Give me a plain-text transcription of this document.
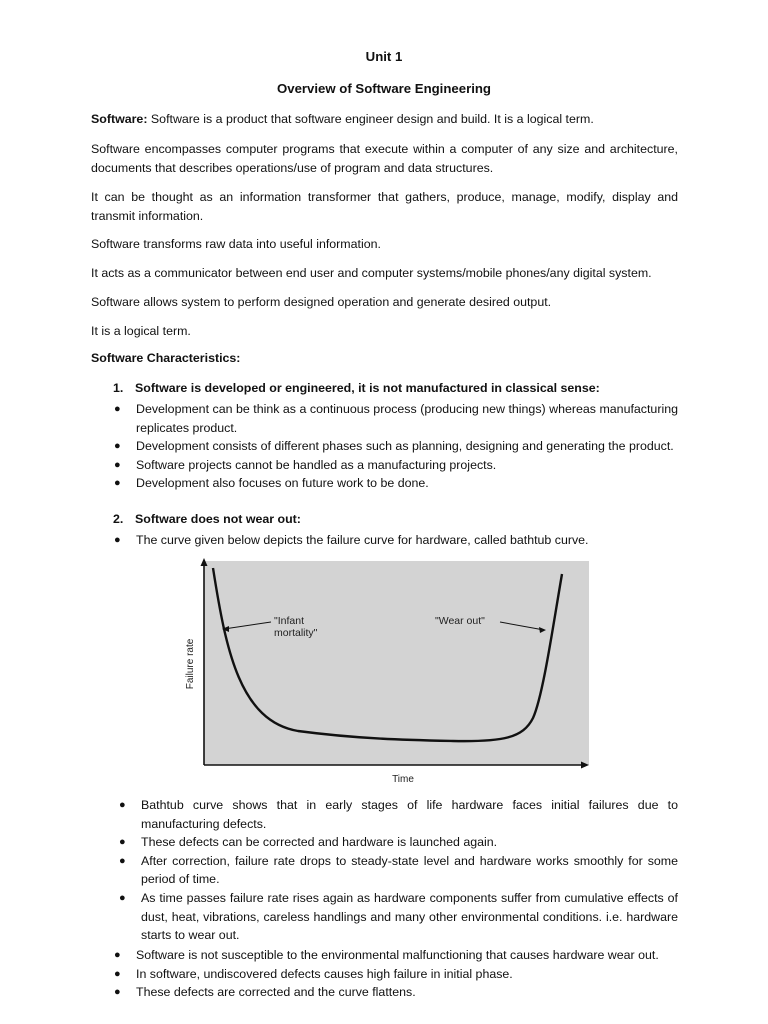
Unit 1
Overview of Software Engineering
Software: Software is a product that software engineer design and build. It is a logical term.
Software encompasses computer programs that execute within a computer of any size and architecture, documents that describes operations/use of program and data structures.
It can be thought as an information transformer that gathers, produce, manage, modify, display and transmit information.
Software transforms raw data into useful information.
It acts as a communicator between end user and computer systems/mobile phones/any digital system.
Software allows system to perform designed operation and generate desired output.
It is a logical term.
Software Characteristics:
1. Software is developed or engineered, it is not manufactured in classical sense:
● Development can be think as a continuous process (producing new things) whereas manufacturing replicates product.
● Development consists of different phases such as planning, designing and generating the product.
● Software projects cannot be handled as a manufacturing projects.
● Development also focuses on future work to be done.
2. Software does not wear out:
● The curve given below depicts the failure curve for hardware, called bathtub curve.
"Infant mortality"
"Wear out"
Failure rate
Time
● Bathtub curve shows that in early stages of life hardware faces initial failures due to manufacturing defects.
● These defects can be corrected and hardware is launched again.
● After correction, failure rate drops to steady-state level and hardware works smoothly for some period of time.
● As time passes failure rate rises again as hardware components suffer from cumulative effects of dust, heat, vibrations, careless handlings and many other environmental conditions. i.e. hardware starts to wear out.
● Software is not susceptible to the environmental malfunctioning that causes hardware wear out.
● In software, undiscovered defects causes high failure in initial phase.
● These defects are corrected and the curve flattens.
